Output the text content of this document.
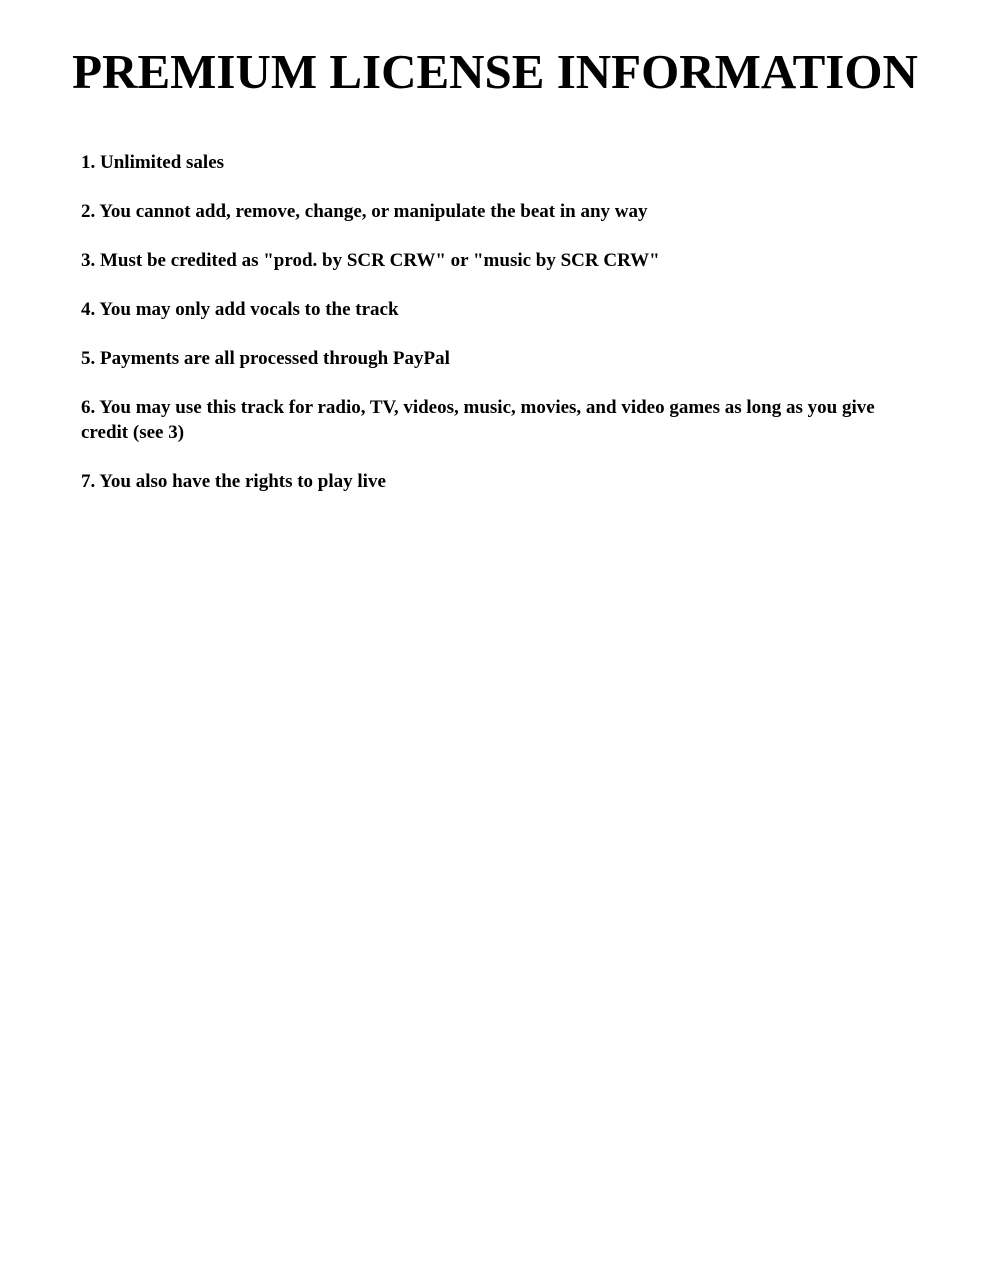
PREMIUM LICENSE INFORMATION
1. Unlimited sales
2. You cannot add, remove, change, or manipulate the beat in any way
3. Must be credited as "prod. by SCR CRW" or "music by SCR CRW"
4. You may only add vocals to the track
5. Payments are all processed through PayPal
6. You may use this track for radio, TV, videos, music, movies, and video games as long as you give credit (see 3)
7. You also have the rights to play live
